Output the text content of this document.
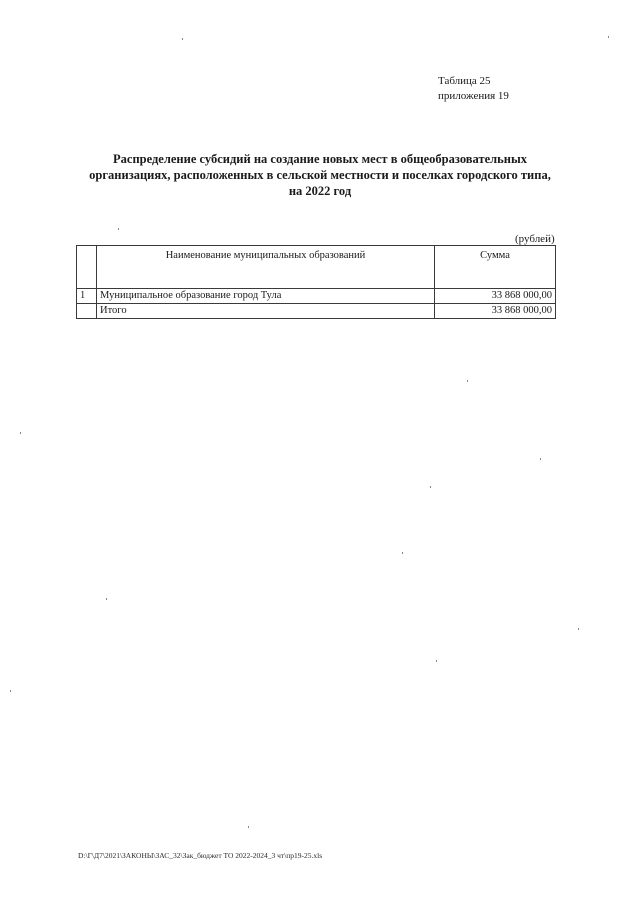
Таблица 25
приложения 19
Распределение субсидий на создание новых мест в общеобразовательных
организациях, расположенных в сельской местности и поселках городского типа,
на 2022 год
(рублей)
	Наименование муниципальных образований	Сумма
1	Муниципальное образование город Тула	33 868 000,00
	Итого	33 868 000,00
D:\Г\Д7\2021\ЗАКОНЫ\ЗАС_32\Зак_бюджет ТО 2022-2024_3 чт\пр19-25.xls
